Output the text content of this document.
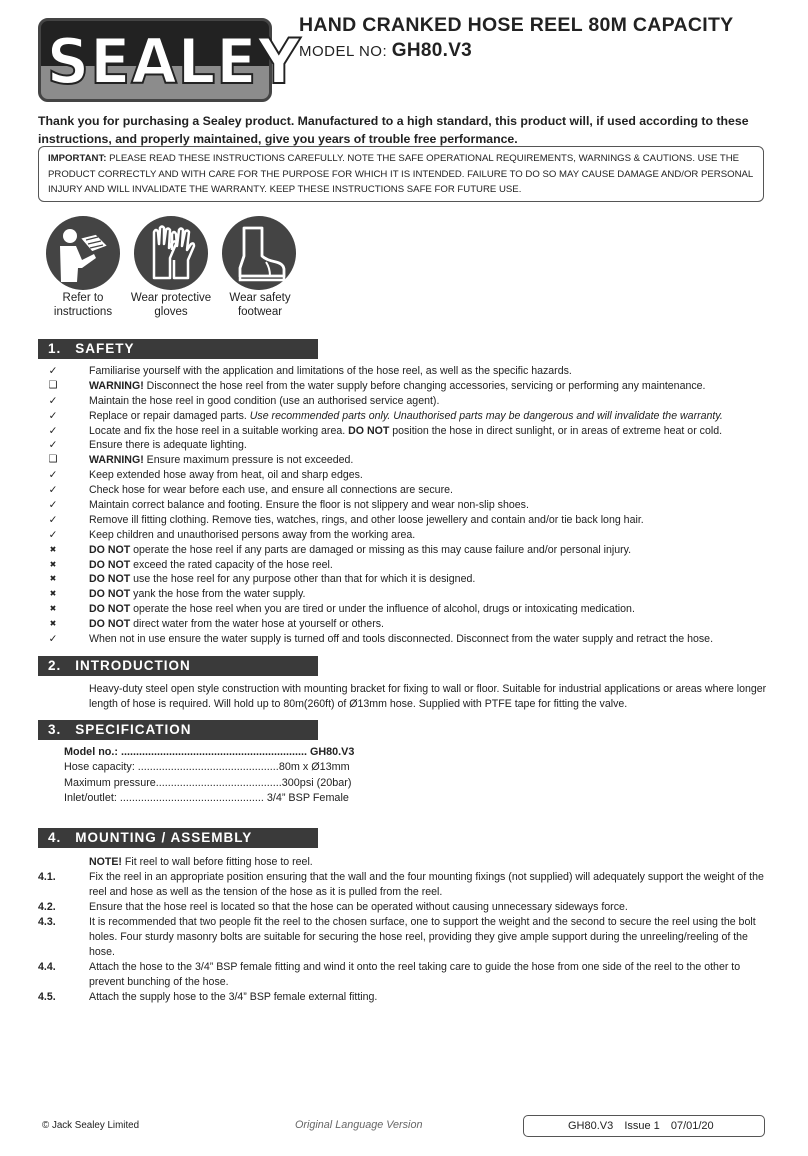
SEALEY
HAND CRANKED HOSE REEL 80M CAPACITY
MODEL NO: GH80.V3
Thank you for purchasing a Sealey product. Manufactured to a high standard, this product will, if used according to these instructions, and properly maintained, give you years of trouble free performance.
IMPORTANT: PLEASE READ THESE INSTRUCTIONS CAREFULLY. NOTE THE SAFE OPERATIONAL REQUIREMENTS, WARNINGS & CAUTIONS. USE THE PRODUCT CORRECTLY AND WITH CARE FOR THE PURPOSE FOR WHICH IT IS INTENDED. FAILURE TO DO SO MAY CAUSE DAMAGE AND/OR PERSONAL INJURY AND WILL INVALIDATE THE WARRANTY. KEEP THESE INSTRUCTIONS SAFE FOR FUTURE USE.
Refer to
instructions
Wear protective
gloves
Wear safety
footwear
1. SAFETY
✓	Familiarise yourself with the application and limitations of the hose reel, as well as the specific hazards.
❑	WARNING! Disconnect the hose reel from the water supply before changing accessories, servicing or performing any maintenance.
✓	Maintain the hose reel in good condition (use an authorised service agent).
✓	Replace or repair damaged parts. Use recommended parts only. Unauthorised parts may be dangerous and will invalidate the warranty.
✓	Locate and fix the hose reel in a suitable working area. DO NOT position the hose in direct sunlight, or in areas of extreme heat or cold.
✓	Ensure there is adequate lighting.
❑	WARNING! Ensure maximum pressure is not exceeded.
✓	Keep extended hose away from heat, oil and sharp edges.
✓	Check hose for wear before each use, and ensure all connections are secure.
✓	Maintain correct balance and footing. Ensure the floor is not slippery and wear non-slip shoes.
✓	Remove ill fitting clothing. Remove ties, watches, rings, and other loose jewellery and contain and/or tie back long hair.
✓	Keep children and unauthorised persons away from the working area.
✖	DO NOT operate the hose reel if any parts are damaged or missing as this may cause failure and/or personal injury.
✖	DO NOT exceed the rated capacity of the hose reel.
✖	DO NOT use the hose reel for any purpose other than that for which it is designed.
✖	DO NOT yank the hose from the water supply.
✖	DO NOT operate the hose reel when you are tired or under the influence of alcohol, drugs or intoxicating medication.
✖	DO NOT direct water from the water hose at yourself or others.
✓	When not in use ensure the water supply is turned off and tools disconnected. Disconnect from the water supply and retract the hose.
2. INTRODUCTION
Heavy-duty steel open style construction with mounting bracket for fixing to wall or floor. Suitable for industrial applications or areas where longer length of hose is required. Will hold up to 80m(260ft) of Ø13mm hose. Supplied with PTFE tape for fitting the valve.
3. SPECIFICATION
Model no.: .............................................................. GH80.V3
Hose capacity: ...............................................80m x Ø13mm
Maximum pressure..........................................300psi (20bar)
Inlet/outlet: ................................................ 3/4” BSP Female
4. MOUNTING / ASSEMBLY
NOTE! Fit reel to wall before fitting hose to reel.
4.1.	Fix the reel in an appropriate position ensuring that the wall and the four mounting fixings (not supplied) will adequately support the weight of the reel and hose as well as the tension of the hose as it is pulled from the reel.
4.2.	Ensure that the hose reel is located so that the hose can be operated without causing unnecessary sideways force.
4.3.	It is recommended that two people fit the reel to the chosen surface, one to support the weight and the second to secure the reel using the bolt holes. Four sturdy masonry bolts are suitable for securing the hose reel, providing they give ample support during the unreeling/reeling of the hose.
4.4.	Attach the hose to the 3/4” BSP female fitting and wind it onto the reel taking care to guide the hose from one side of the reel to the other to prevent bunching of the hose.
4.5.	Attach the supply hose to the 3/4” BSP female external fitting.
© Jack Sealey Limited	Original Language Version	GH80.V3 Issue 1 07/01/20
